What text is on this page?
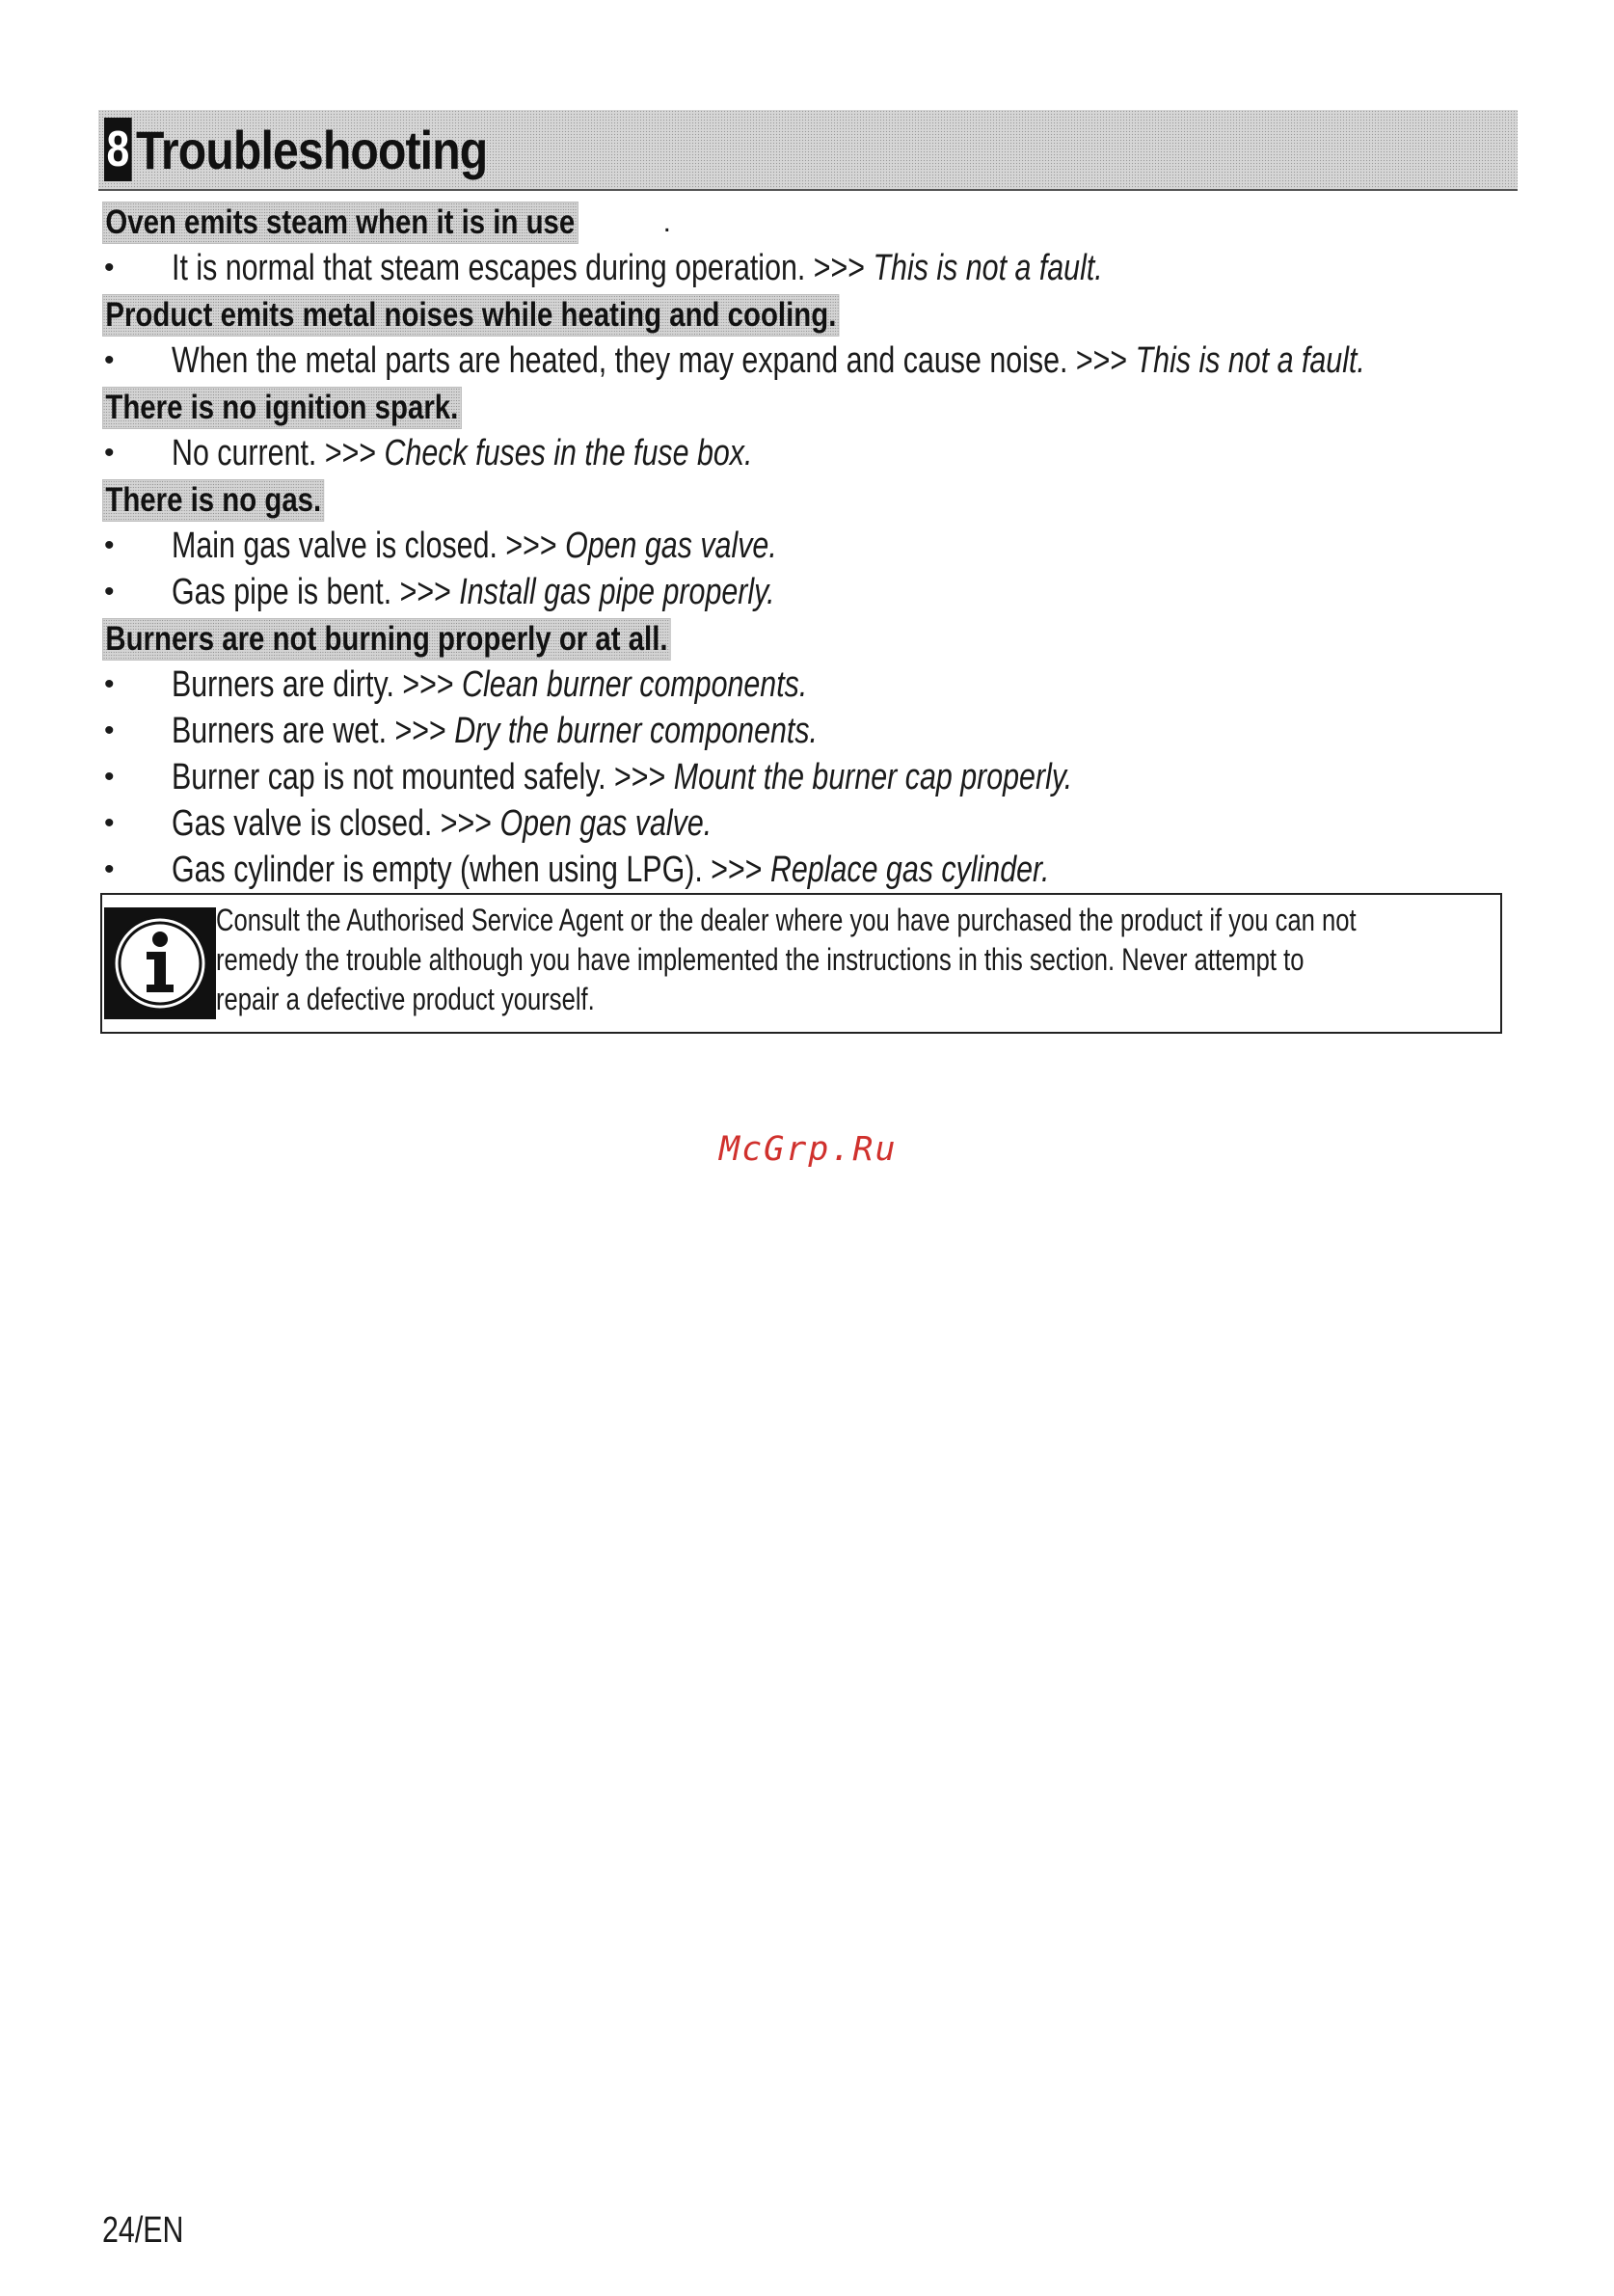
8 Troubleshooting
Oven emits steam when it is in use	.
• It is normal that steam escapes during operation. >>> This is not a fault.
Product emits metal noises while heating and cooling.
• When the metal parts are heated, they may expand and cause noise. >>> This is not a fault.
There is no ignition spark.
• No current. >>> Check fuses in the fuse box.
There is no gas.
• Main gas valve is closed. >>> Open gas valve.
• Gas pipe is bent. >>> Install gas pipe properly.
Burners are not burning properly or at all.
• Burners are dirty. >>> Clean burner components.
• Burners are wet. >>> Dry the burner components.
• Burner cap is not mounted safely. >>> Mount the burner cap properly.
• Gas valve is closed. >>> Open gas valve.
• Gas cylinder is empty (when using LPG). >>> Replace gas cylinder.
Consult the Authorised Service Agent or the dealer where you have purchased the product if you can not
remedy the trouble although you have implemented the instructions in this section. Never attempt to
repair a defective product yourself.
McGrp.Ru
24/EN
